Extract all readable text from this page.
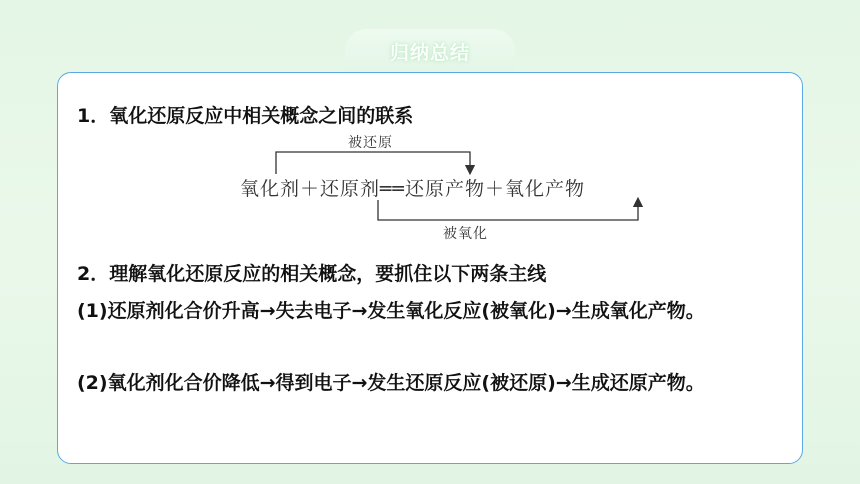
归纳总结

1．氧化还原反应中相关概念之间的联系

被还原
氧化剂＋还原剂══还原产物＋氧化产物
被氧化

2．理解氧化还原反应的相关概念，要抓住以下两条主线

(1)还原剂化合价升高→失去电子→发生氧化反应(被氧化)→生成氧化产物。

(2)氧化剂化合价降低→得到电子→发生还原反应(被还原)→生成还原产物。
